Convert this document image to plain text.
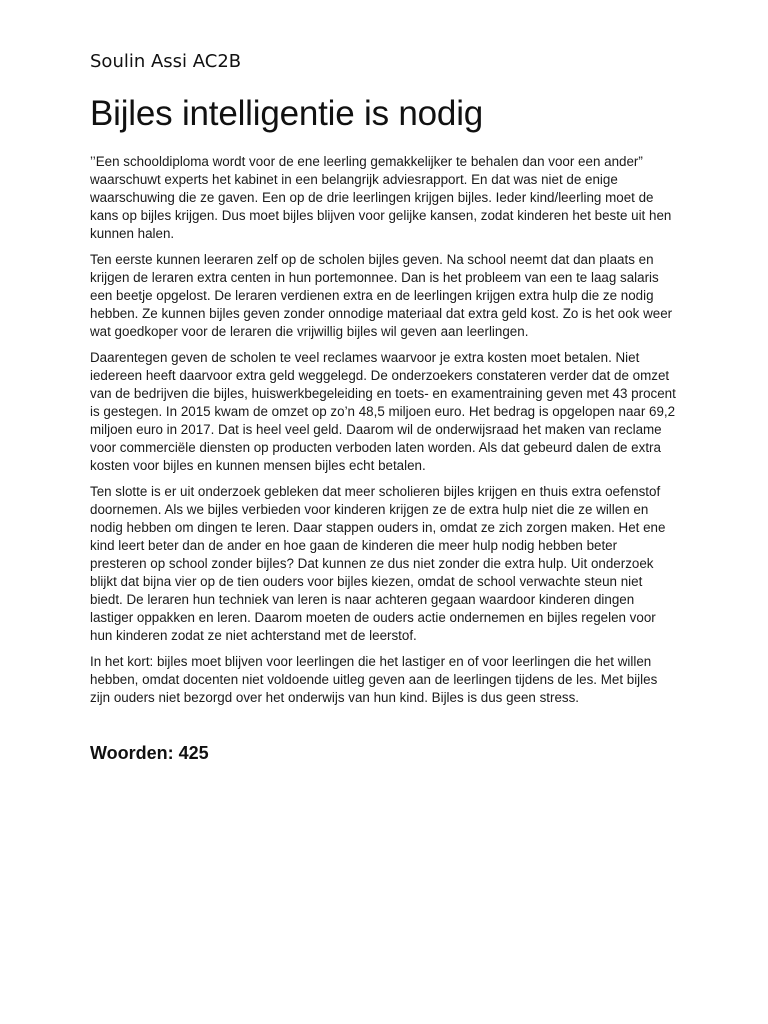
Soulin Assi AC2B

Bijles intelligentie is nodig

’’Een schooldiploma wordt voor de ene leerling gemakkelijker te behalen dan voor een ander” waarschuwt experts het kabinet in een belangrijk adviesrapport. En dat was niet de enige waarschuwing die ze gaven. Een op de drie leerlingen krijgen bijles. Ieder kind/leerling moet de kans op bijles krijgen. Dus moet bijles blijven voor gelijke kansen, zodat kinderen het beste uit hen kunnen halen.

Ten eerste kunnen leeraren zelf op de scholen bijles geven. Na school neemt dat dan plaats en krijgen de leraren extra centen in hun portemonnee. Dan is het probleem van een te laag salaris een beetje opgelost. De leraren verdienen extra en de leerlingen krijgen extra hulp die ze nodig hebben. Ze kunnen bijles geven zonder onnodige materiaal dat extra geld kost. Zo is het ook weer wat goedkoper voor de leraren die vrijwillig bijles wil geven aan leerlingen.

Daarentegen geven de scholen te veel reclames waarvoor je extra kosten moet betalen. Niet iedereen heeft daarvoor extra geld weggelegd. De onderzoekers constateren verder dat de omzet van de bedrijven die bijles, huiswerkbegeleiding en toets- en examentraining geven met 43 procent is gestegen. In 2015 kwam de omzet op zo’n 48,5 miljoen euro. Het bedrag is opgelopen naar 69,2 miljoen euro in 2017. Dat is heel veel geld. Daarom wil de onderwijsraad het maken van reclame voor commerciële diensten op producten verboden laten worden. Als dat gebeurd dalen de extra kosten voor bijles en kunnen mensen bijles echt betalen.

Ten slotte is er uit onderzoek gebleken dat meer scholieren bijles krijgen en thuis extra oefenstof doornemen. Als we bijles verbieden voor kinderen krijgen ze de extra hulp niet die ze willen en nodig hebben om dingen te leren. Daar stappen ouders in, omdat ze zich zorgen maken. Het ene kind leert beter dan de ander en hoe gaan de kinderen die meer hulp nodig hebben beter presteren op school zonder bijles? Dat kunnen ze dus niet zonder die extra hulp. Uit onderzoek blijkt dat bijna vier op de tien ouders voor bijles kiezen, omdat de school verwachte steun niet biedt. De leraren hun techniek van leren is naar achteren gegaan waardoor kinderen dingen lastiger oppakken en leren. Daarom moeten de ouders actie ondernemen en bijles regelen voor hun kinderen zodat ze niet achterstand met de leerstof.

In het kort: bijles moet blijven voor leerlingen die het lastiger en of voor leerlingen die het willen hebben, omdat docenten niet voldoende uitleg geven aan de leerlingen tijdens de les. Met bijles zijn ouders niet bezorgd over het onderwijs van hun kind. Bijles is dus geen stress.

Woorden: 425
